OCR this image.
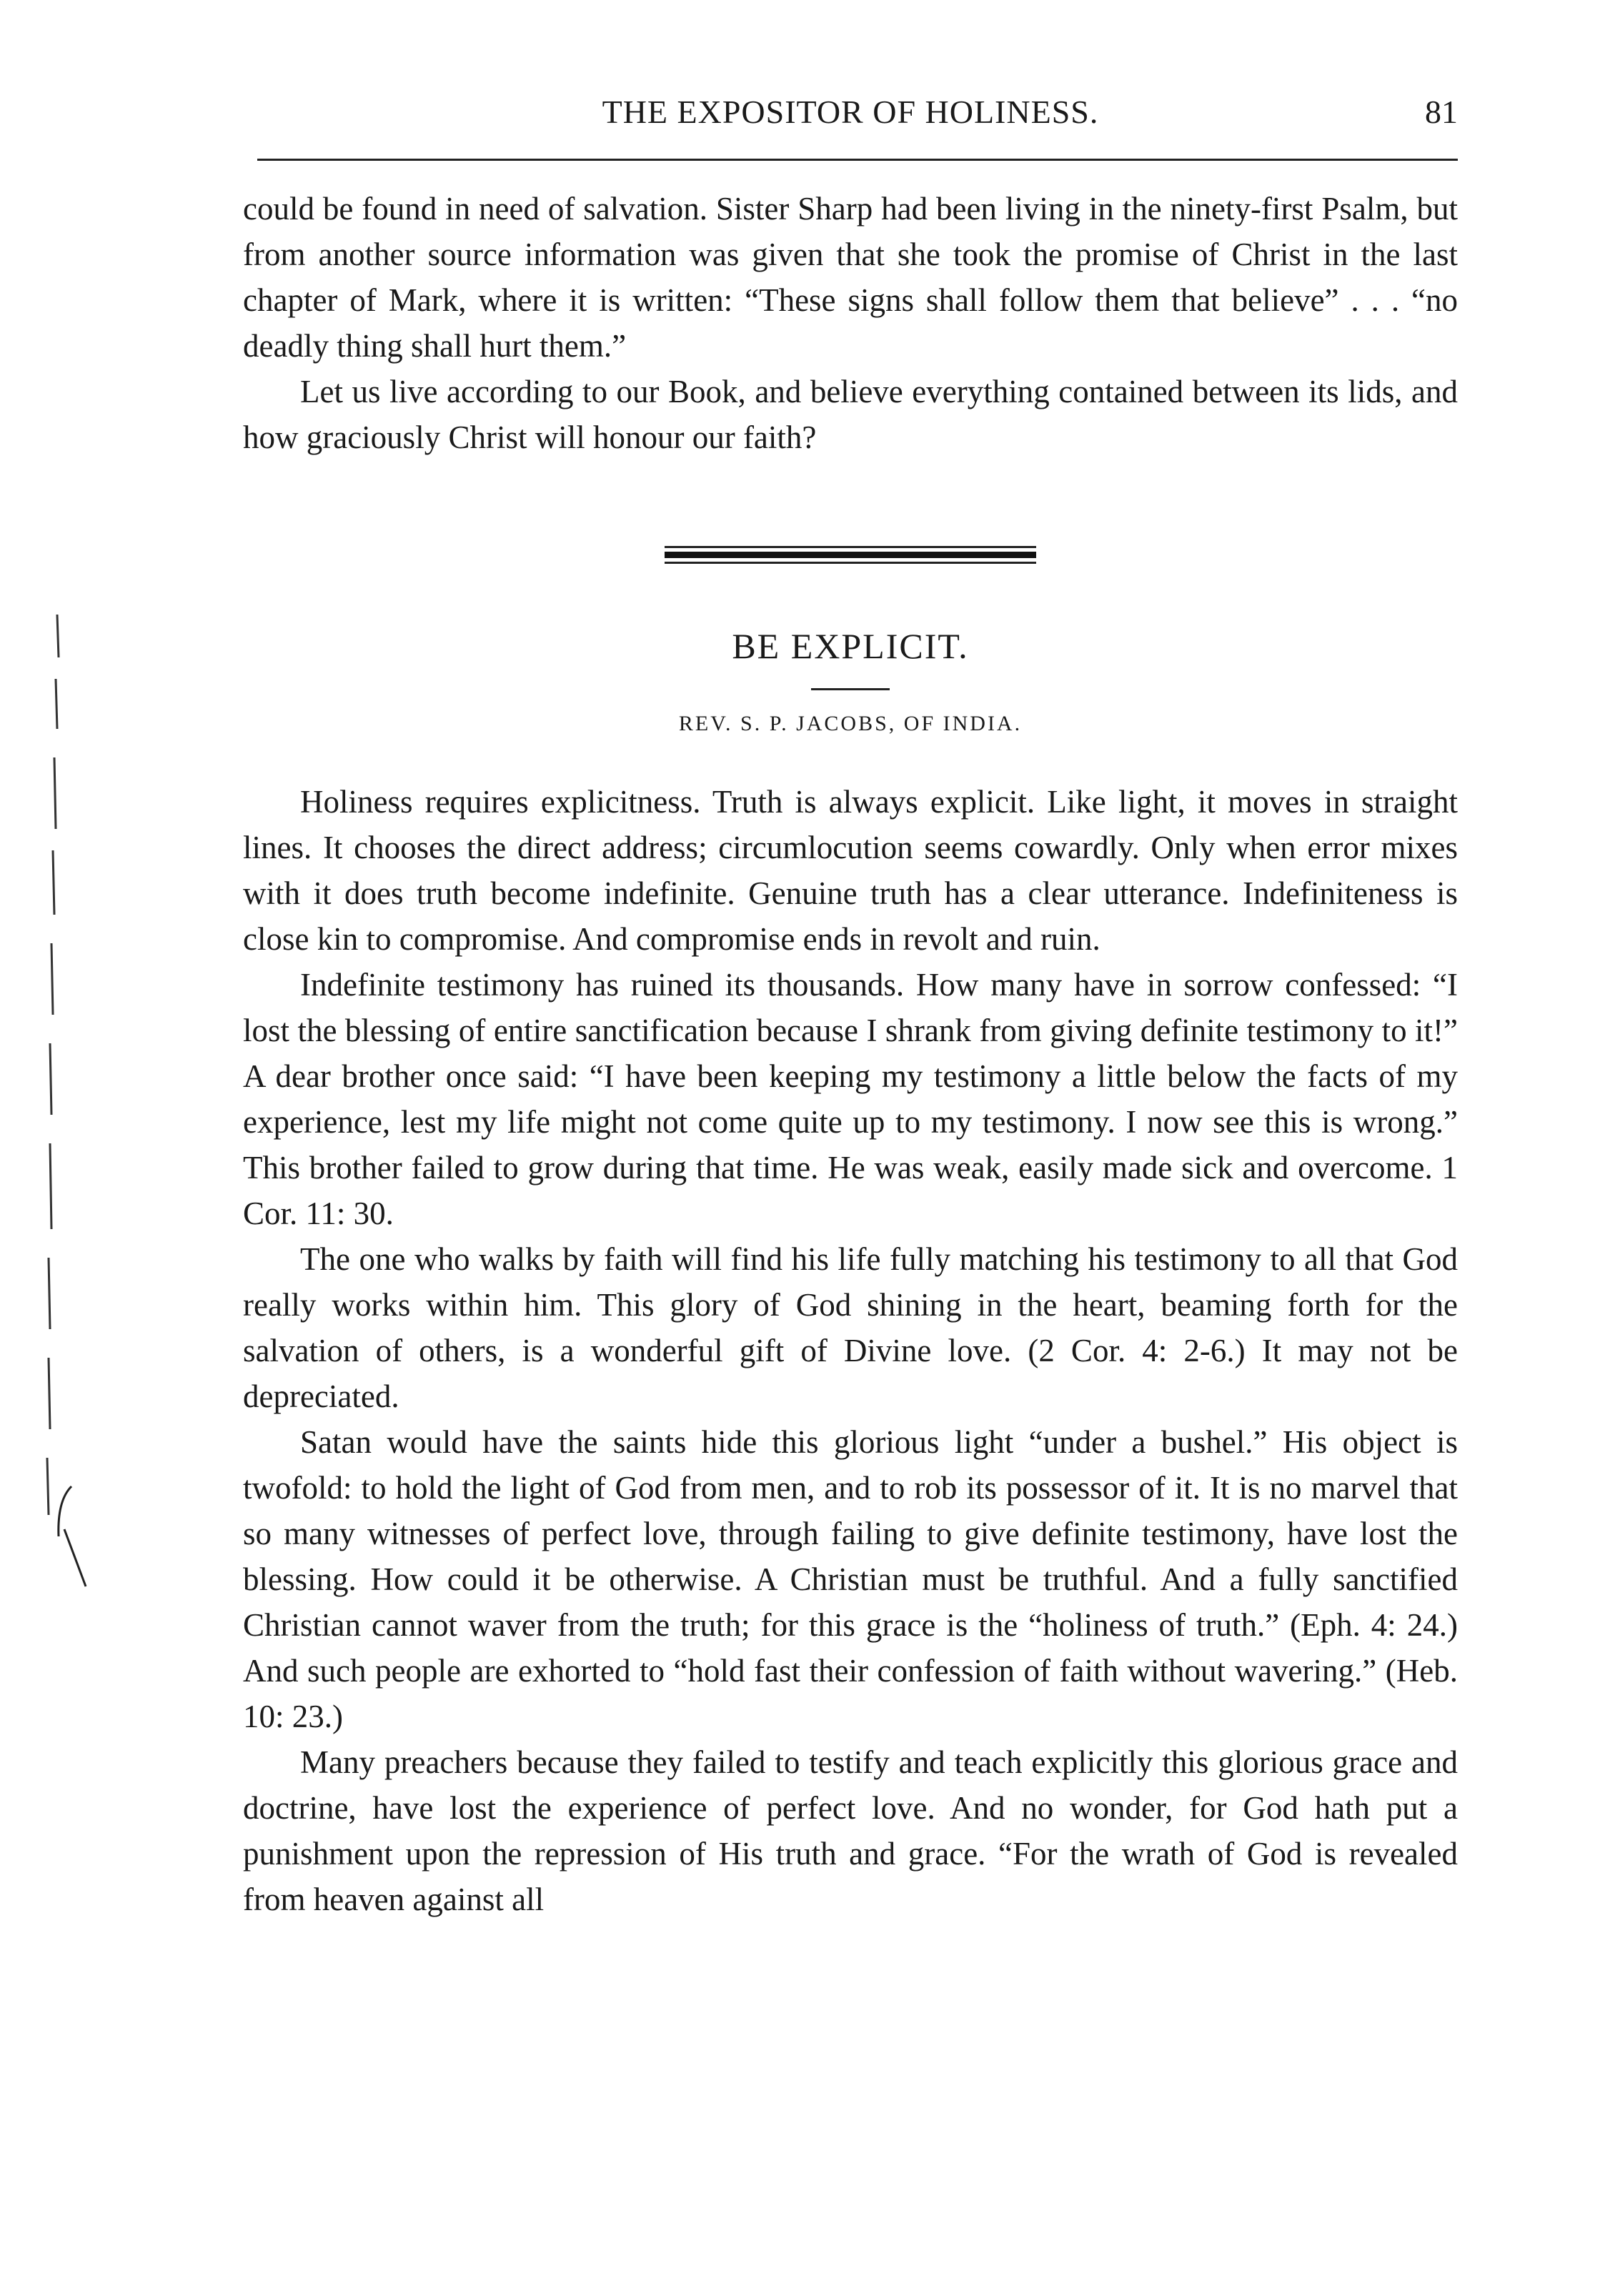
THE EXPOSITOR OF HOLINESS.	81

could be found in need of salvation. Sister Sharp had been living in the ninety-first Psalm, but from another source information was given that she took the promise of Christ in the last chapter of Mark, where it is written: “These signs shall follow them that believe” . . . “no deadly thing shall hurt them.”

Let us live according to our Book, and believe everything contained between its lids, and how graciously Christ will honour our faith?

BE EXPLICIT.
REV. S. P. JACOBS, OF INDIA.

Holiness requires explicitness. Truth is always explicit. Like light, it moves in straight lines. It chooses the direct address; circumlocution seems cowardly. Only when error mixes with it does truth become indefinite. Genuine truth has a clear utterance. Indefiniteness is close kin to compromise. And compromise ends in revolt and ruin.

Indefinite testimony has ruined its thousands. How many have in sorrow confessed: “I lost the blessing of entire sanctification because I shrank from giving definite testimony to it!” A dear brother once said: “I have been keeping my testimony a little below the facts of my experience, lest my life might not come quite up to my testimony. I now see this is wrong.” This brother failed to grow during that time. He was weak, easily made sick and overcome. 1 Cor. 11: 30.

The one who walks by faith will find his life fully matching his testimony to all that God really works within him. This glory of God shining in the heart, beaming forth for the salvation of others, is a wonderful gift of Divine love. (2 Cor. 4: 2-6.) It may not be depreciated.

Satan would have the saints hide this glorious light “under a bushel.” His object is twofold: to hold the light of God from men, and to rob its possessor of it. It is no marvel that so many witnesses of perfect love, through failing to give definite testimony, have lost the blessing. How could it be otherwise. A Christian must be truthful. And a fully sanctified Christian cannot waver from the truth; for this grace is the “holiness of truth.” (Eph. 4: 24.) And such people are exhorted to “hold fast their confession of faith without wavering.” (Heb. 10: 23.)

Many preachers because they failed to testify and teach explicitly this glorious grace and doctrine, have lost the experience of perfect love. And no wonder, for God hath put a punishment upon the repression of His truth and grace. “For the wrath of God is revealed from heaven against all
